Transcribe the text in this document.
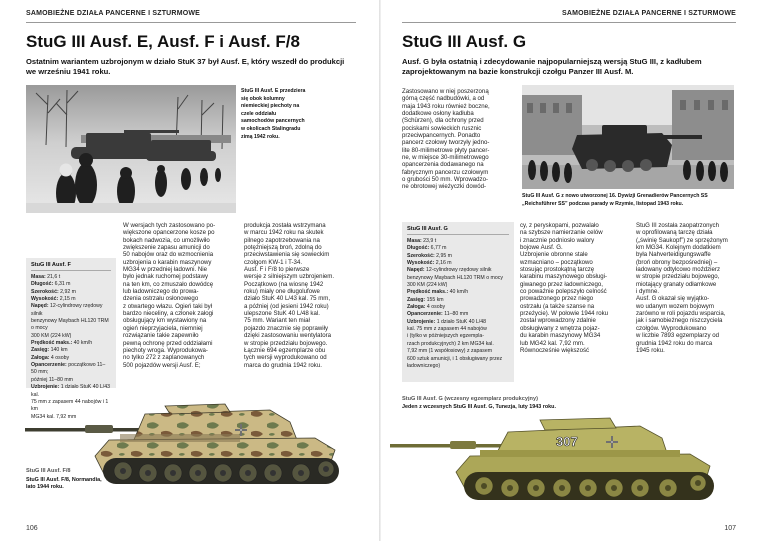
SAMOBIEŻNE DZIAŁA PANCERNE I SZTURMOWE
StuG III Ausf. E, Ausf. F i Ausf. F/8
Ostatnim wariantem uzbrojonym w działo StuK 37 był Ausf. E, który wszedł do produkcji
we wrześniu 1941 roku.
StuG III Ausf. E przedziera
się obok kolumny
niemieckiej piechoty na
czele oddziału
samochodów pancernych
w okolicach Stalingradu
zimą 1942 roku.
StuG III Ausf. F
Masa: 21,6 t
Długość: 6,31 m
Szerokość: 2,92 m
Wysokość: 2,15 m
Napęd: 12-cylindrowy rzędowy silnik
benzynowy Maybach HL120 TRM o mocy
300 KM (224 kW)
Prędkość maks.: 40 km/h
Zasięg: 140 km
Załoga: 4 osoby
Opancerzenie: początkowo 11–50 mm;
później 11–80 mm
Uzbrojenie: 1 działo StuK 40 L/43 kal.
75 mm z zapasem 44 nabojów i 1 km
MG34 kal. 7,92 mm
W wersjach tych zastosowano po-
większone opancerzone kosze po
bokach nadwozia, co umożliwiło
zwiększenie zapasu amunicji do
50 nabojów oraz do wzmocnienia
uzbrojenia o karabin maszynowy
MG34 w przedniej ładowni. Nie
było jednak ruchomej podstawy
na ten km, co zmuszało dowódcę
lub ładowniczego do prowa-
dzenia ostrzału osłonowego
z otwartego włazu. Ogień taki był
bardzo nieceliny, a członek załogi
obsługujący km wystawiony na
ogień nieprzyjaciela, niemniej
rozwiązanie takie zapewniło
pewną ochronę przed oddziałami
piechoty wroga. Wyprodukowa-
no tylko 272 z zaplanowanych
500 pojazdów wersji Ausf. E;
produkcja została wstrzymana
w marcu 1942 roku na skutek
pilnego zapotrzebowania na
potężniejszą broń, zdolną do
przeciwstawienia się sowieckim
czołgom KW-1 i T-34.
Ausf. F i F/8 to pierwsze
wersje z silniejszym uzbrojeniem.
Początkowo (na wiosnę 1942
roku) miały one długolufowe
działo StuK 40 L/43 kal. 75 mm,
a później (od jesieni 1942 roku)
ulepszone StuK 40 L/48 kal.
75 mm. Wariant ten miał
pojazdo znacznie się poprawiły
dzięki zastosowaniu wentylatora
w stropie przedziału bojowego.
Łącznie 694 egzemplarze obu
tych wersji wyprodukowano od
marca do grudnia 1942 roku.
StuG III Ausf. F/8
StuG III Ausf. F/8, Normandia,
lato 1944 roku.
106
SAMOBIEŻNE DZIAŁA PANCERNE I SZTURMOWE
StuG III Ausf. G
Ausf. G była ostatnią i zdecydowanie najpopularniejszą wersją StuG III, z kadłubem
zaprojektowanym na bazie konstrukcji czołgu Panzer III Ausf. M.
Zastosowano w niej poszerzoną
górną część nadbudówki, a od
maja 1943 roku również boczne,
dodatkowe osłony kadłuba
(Schürzen), dla ochrony przed
pociskami sowieckich rusznic
przeciwpancernych. Ponadto
pancerz czołowy tworzyły jedno-
lite 80-milimetrowe płyty pancer-
ne, w miejsce 30-milimetrowego
opancerzenia dodawanego na
fabrycznym pancerzu czołowym
o grubości 50 mm. Wprowadzo-
ne obrotowej wieżyczki dowód-
StuG III Ausf. G z nowo utworzonej 16. Dywizji Grenadierów Pancernych SS
„Reichsführer SS” podczas parady w Rzymie, listopad 1943 roku.
StuG III Ausf. G
Masa: 23,9 t
Długość: 6,77 m
Szerokość: 2,95 m
Wysokość: 2,16 m
Napęd: 12-cylindrowy rzędowy silnik
benzynowy Maybach HL120 TRM o mocy
300 KM (224 kW)
Prędkość maks.: 40 km/h
Zasięg: 155 km
Załoga: 4 osoby
Opancerzenie: 11–80 mm
Uzbrojenie: 1 działo StuK 40 L/48
kal. 75 mm z zapasem 44 nabojów
i (tylko w późniejszych egzempla-
rzach produkcyjnych) 2 km MG34 kal.
7,92 mm (1 współosiowy) z zapasem
600 sztuk amunicji, i 1 obsługiwany przez
ładowniczego)
cy, z peryskopami, pozwalało
na szybsze namierzanie celów
i znacznie podniosło walory
bojowe Ausf. G.
Uzbrojenie obronne stale
wzmacniano – początkowo
stosując prostokątną tarczę
karabinu maszynowego obsługi-
giwanego przez ładowniczego,
co poważnie polepszyło celność
prowadzonego przez niego
ostrzału (a także szanse na
przeżycie). W połowie 1944 roku
został wprowadzony zdalnie
obsługiwany z wnętrza pojaz-
du karabin maszynowy MG34
lub MG42 kal. 7,92 mm.
Równocześnie większość
StuG III została zaopatrzonych
w oprofilowaną tarczę działa
(„świnię Saukopf”) ze sprzężonym
km MG34. Kolejnym dodatkiem
była Nahverteidigungswaffe
(broń obrony bezpośredniej) –
ładowany odtylcowo moździerz
w stropie przedziału bojowego,
miotający granaty odłamkowe
i dymne.
Ausf. G okazał się wyjątko-
wo udanym wozem bojowym
zarówno w roli pojazdu wsparcia,
jak i samobieżnego niszczyciela
czołgów. Wyprodukowano
w liczbie 7893 egzemplarzy od
grudnia 1942 roku do marca
1945 roku.
StuG III Ausf. G (wczesny egzemplarz produkcyjny)
Jeden z wczesnych StuG III Ausf. G, Tunezja, luty 1943 roku.
307
107
